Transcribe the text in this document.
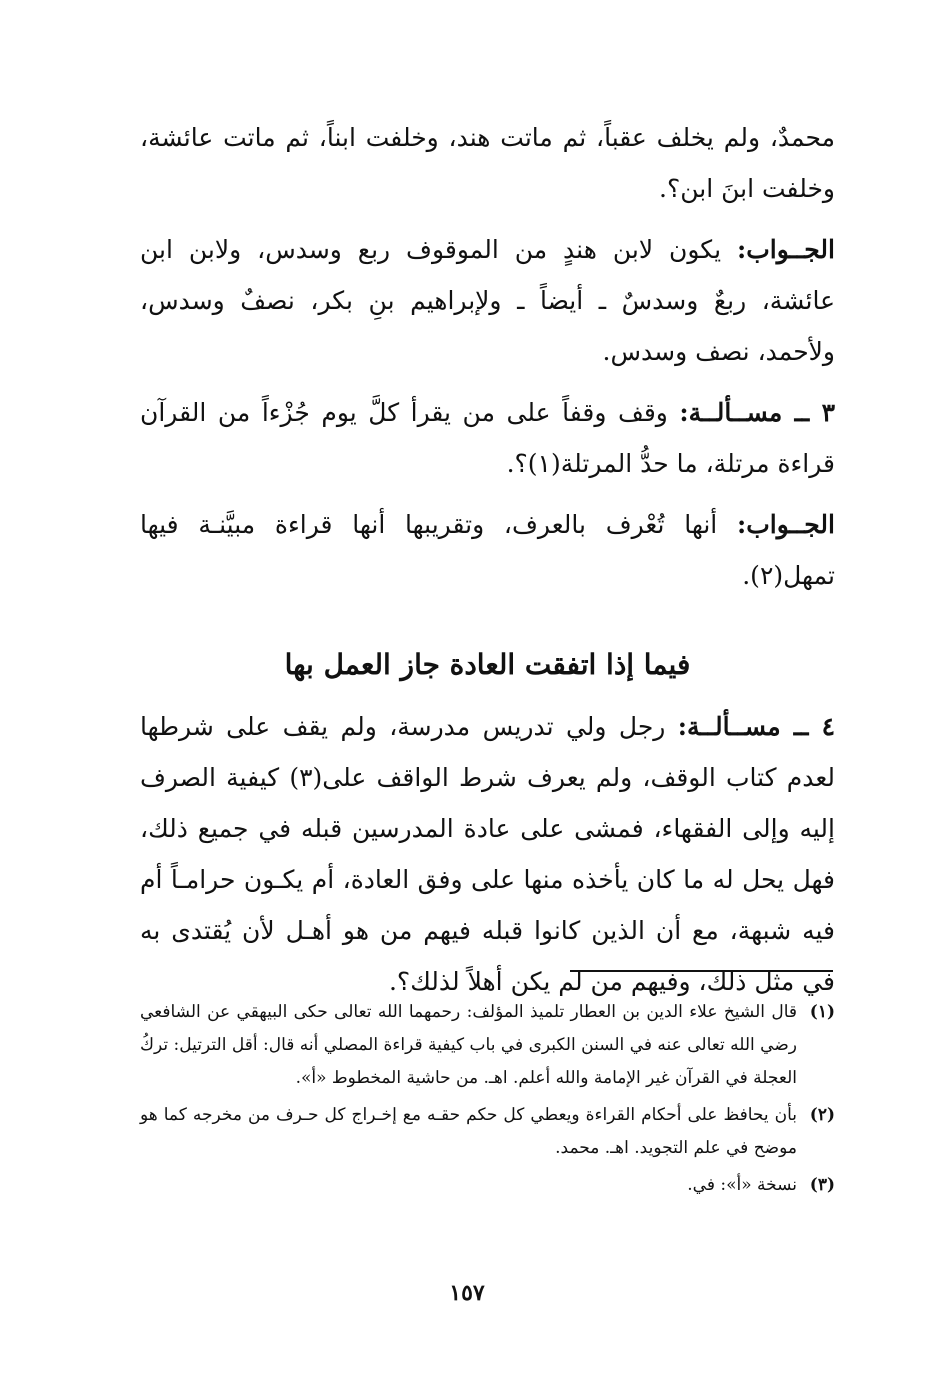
محمدٌ، ولم يخلف عقباً، ثم ماتت هند، وخلفت ابناً، ثم ماتت عائشة، وخلفت ابنَ ابن؟.

الجــواب: يكون لابن هندٍ من الموقوف ربع وسدس، ولابن ابن عائشة، ربعٌ وسدسٌ ـ أيضاً ـ ولإبراهيم بنِ بكر، نصفٌ وسدس، ولأحمد، نصف وسدس.

٣ ــ مســألــة: وقف وقفاً على من يقرأ كلَّ يوم جُزْءاً من القرآن قراءة مرتلة، ما حدُّ المرتلة(١)؟.

الجــواب: أنها تُعْرف بالعرف، وتقريبها أنها قراءة مبيَّنـة فيها تمهل(٢).

فيما إذا اتفقت العادة جاز العمل بها

٤ ــ مســألــة: رجل ولي تدريس مدرسة، ولم يقف على شرطها لعدم كتاب الوقف، ولم يعرف شرط الواقف على(٣) كيفية الصرف إليه وإلى الفقهاء، فمشى على عادة المدرسين قبله في جميع ذلك، فهل يحل له ما كان يأخذه منها على وفق العادة، أم يكـون حرامـاً أم فيه شبهة، مع أن الذين كانوا قبله فيهم من هو أهـل لأن يُقتدى به في مثل ذلك، وفيهم من لم يكن أهلاً لذلك؟.

(١)
قال الشيخ علاء الدين بن العطار تلميذ المؤلف: رحمهما الله تعالى حكى البيهقي عن الشافعي رضي الله تعالى عنه في السنن الكبرى في باب كيفية قراءة المصلي أنه قال: أقل الترتيل: تركُ العجلة في القرآن غير الإمامة والله أعلم. اهـ. من حاشية المخطوط «أ».
(٢)
بأن يحافظ على أحكام القراءة ويعطي كل حكم حقـه مع إخـراج كل حـرف من مخرجه كما هو موضح في علم التجويد. اهـ. محمد.
(٣)
نسخة «أ»: في.
١٥٧
